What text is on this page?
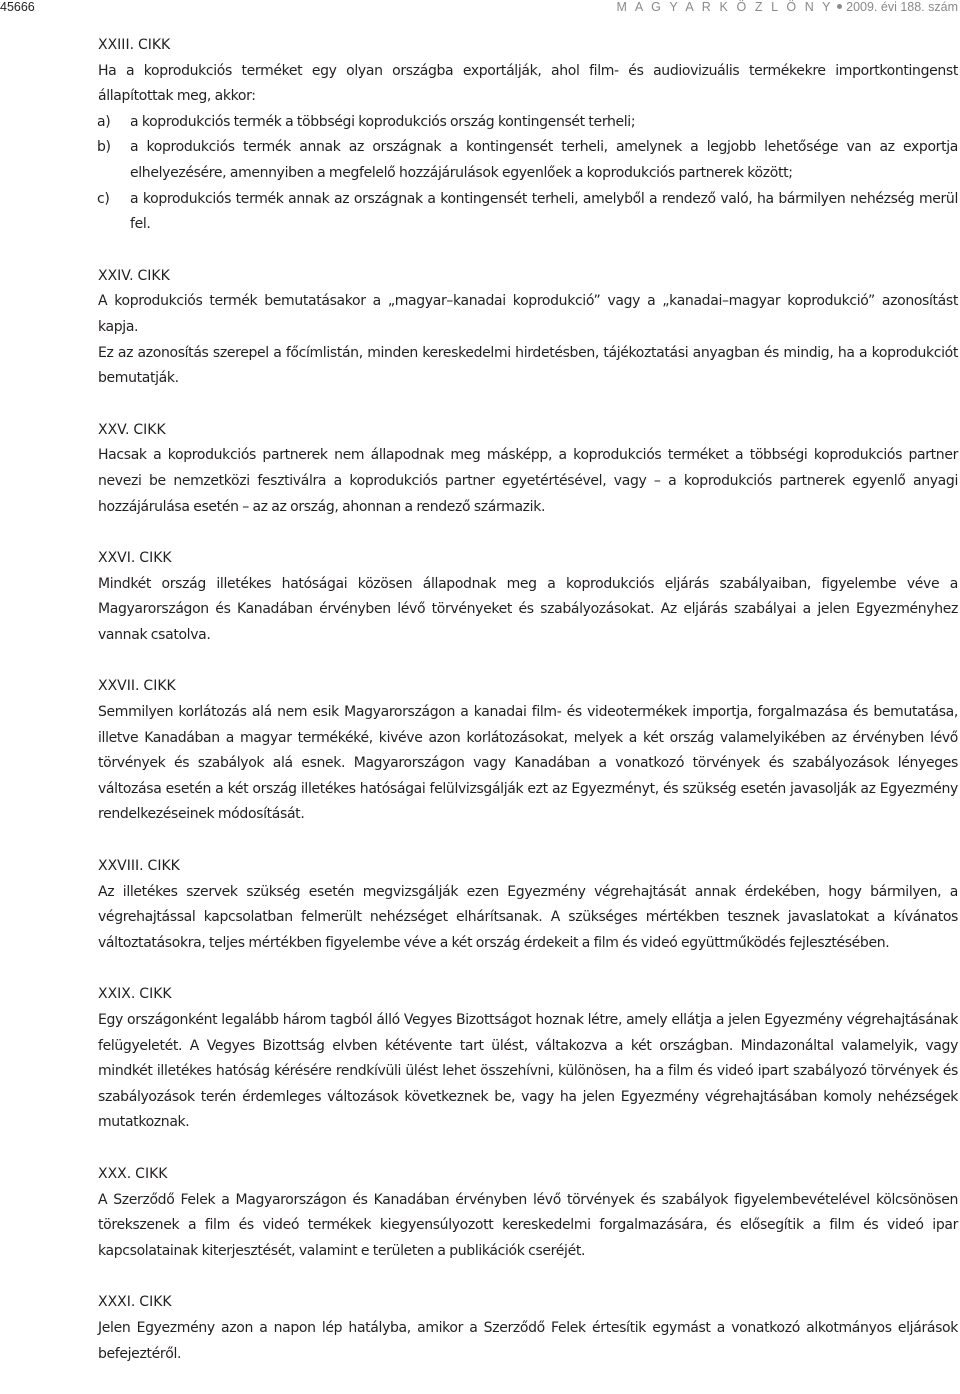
45666	M A G Y A R K Ö Z L Ö N Y 2009. évi 188. szám

XXIII. CIKK

Ha a koprodukciós terméket egy olyan országba exportálják, ahol film- és audiovizuális termékekre importkontingenst állapítottak meg, akkor:

a)	a koprodukciós termék a többségi koprodukciós ország kontingensét terheli;
b)	a koprodukciós termék annak az országnak a kontingensét terheli, amelynek a legjobb lehetősége van az exportja elhelyezésére, amennyiben a megfelelő hozzájárulások egyenlőek a koprodukciós partnerek között;
c)	a koprodukciós termék annak az országnak a kontingensét terheli, amelyből a rendező való, ha bármilyen nehézség merül fel.

XXIV. CIKK

A koprodukciós termék bemutatásakor a „magyar–kanadai koprodukció” vagy a „kanadai–magyar koprodukció” azonosítást kapja.

Ez az azonosítás szerepel a főcímlistán, minden kereskedelmi hirdetésben, tájékoztatási anyagban és mindig, ha a koprodukciót bemutatják.

XXV. CIKK

Hacsak a koprodukciós partnerek nem állapodnak meg másképp, a koprodukciós terméket a többségi koprodukciós partner nevezi be nemzetközi fesztiválra a koprodukciós partner egyetértésével, vagy – a koprodukciós partnerek egyenlő anyagi hozzájárulása esetén – az az ország, ahonnan a rendező származik.

XXVI. CIKK

Mindkét ország illetékes hatóságai közösen állapodnak meg a koprodukciós eljárás szabályaiban, figyelembe véve a Magyarországon és Kanadában érvényben lévő törvényeket és szabályozásokat. Az eljárás szabályai a jelen Egyezményhez vannak csatolva.

XXVII. CIKK

Semmilyen korlátozás alá nem esik Magyarországon a kanadai film- és videotermékek importja, forgalmazása és bemutatása, illetve Kanadában a magyar termékéké, kivéve azon korlátozásokat, melyek a két ország valamelyikében az érvényben lévő törvények és szabályok alá esnek. Magyarországon vagy Kanadában a vonatkozó törvények és szabályozások lényeges változása esetén a két ország illetékes hatóságai felülvizsgálják ezt az Egyezményt, és szükség esetén javasolják az Egyezmény rendelkezéseinek módosítását.

XXVIII. CIKK

Az illetékes szervek szükség esetén megvizsgálják ezen Egyezmény végrehajtását annak érdekében, hogy bármilyen, a végrehajtással kapcsolatban felmerült nehézséget elhárítsanak. A szükséges mértékben tesznek javaslatokat a kívánatos változtatásokra, teljes mértékben figyelembe véve a két ország érdekeit a film és videó együttműködés fejlesztésében.

XXIX. CIKK

Egy országonként legalább három tagból álló Vegyes Bizottságot hoznak létre, amely ellátja a jelen Egyezmény végrehajtásának felügyeletét. A Vegyes Bizottság elvben kétévente tart ülést, váltakozva a két országban. Mindazonáltal valamelyik, vagy mindkét illetékes hatóság kérésére rendkívüli ülést lehet összehívni, különösen, ha a film és videó ipart szabályozó törvények és szabályozások terén érdemleges változások következnek be, vagy ha jelen Egyezmény végrehajtásában komoly nehézségek mutatkoznak.

XXX. CIKK

A Szerződő Felek a Magyarországon és Kanadában érvényben lévő törvények és szabályok figyelembevételével kölcsönösen törekszenek a film és videó termékek kiegyensúlyozott kereskedelmi forgalmazására, és elősegítik a film és videó ipar kapcsolatainak kiterjesztését, valamint e területen a publikációk cseréjét.

XXXI. CIKK

Jelen Egyezmény azon a napon lép hatályba, amikor a Szerződő Felek értesítik egymást a vonatkozó alkotmányos eljárások befejeztéről.
